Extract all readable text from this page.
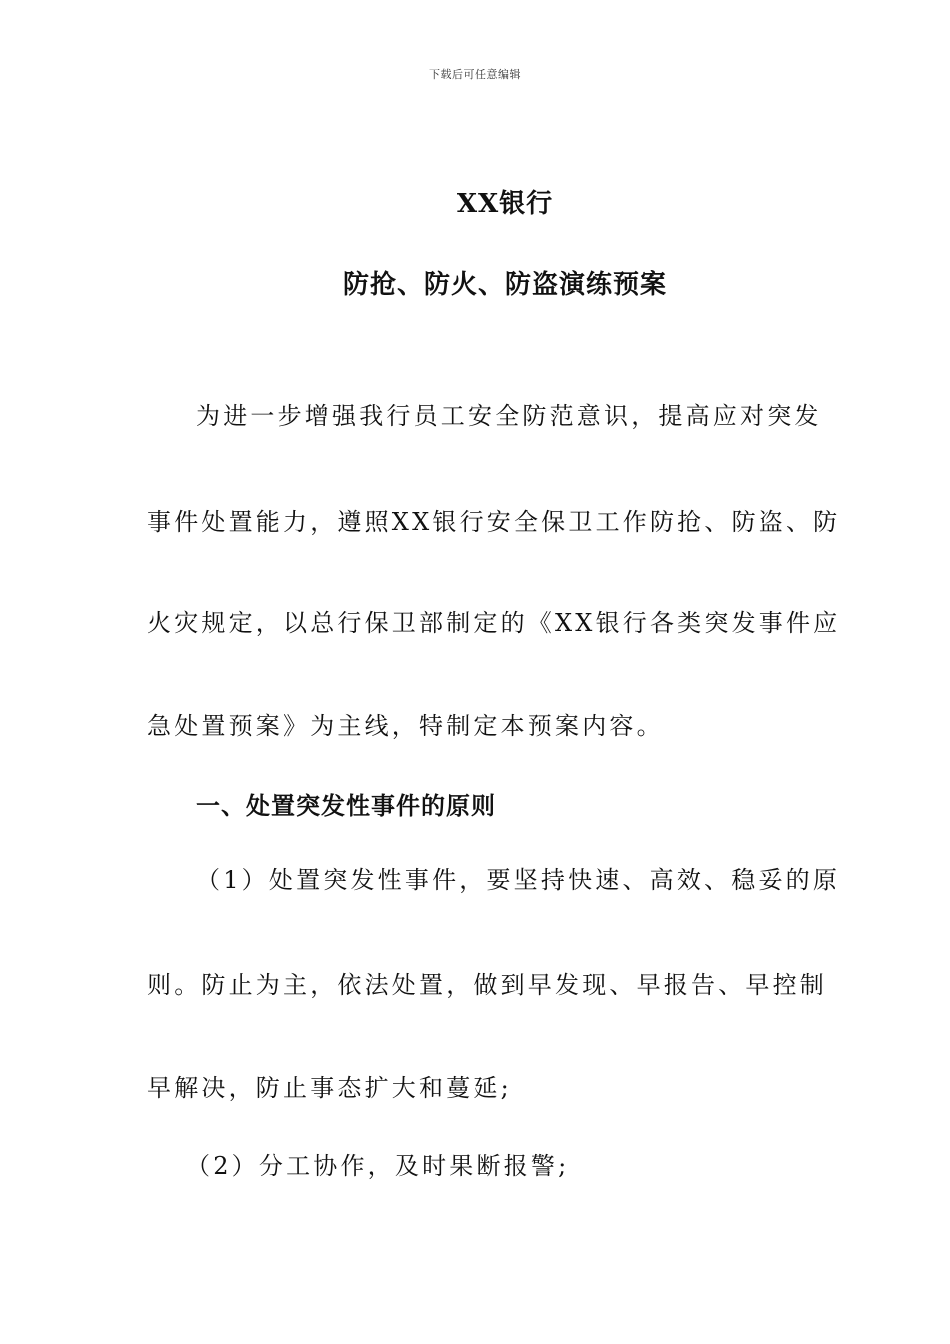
下载后可任意编辑
XX银行
防抢、防火、防盗演练预案
为进一步增强我行员工安全防范意识，提高应对突发
事件处置能力，遵照XX银行安全保卫工作防抢、防盗、防
火灾规定，以总行保卫部制定的《XX银行各类突发事件应
急处置预案》为主线，特制定本预案内容。
一、处置突发性事件的原则
（1）处置突发性事件，要坚持快速、高效、稳妥的原
则。防止为主，依法处置，做到早发现、早报告、早控制
早解决，防止事态扩大和蔓延;
（2）分工协作，及时果断报警;
